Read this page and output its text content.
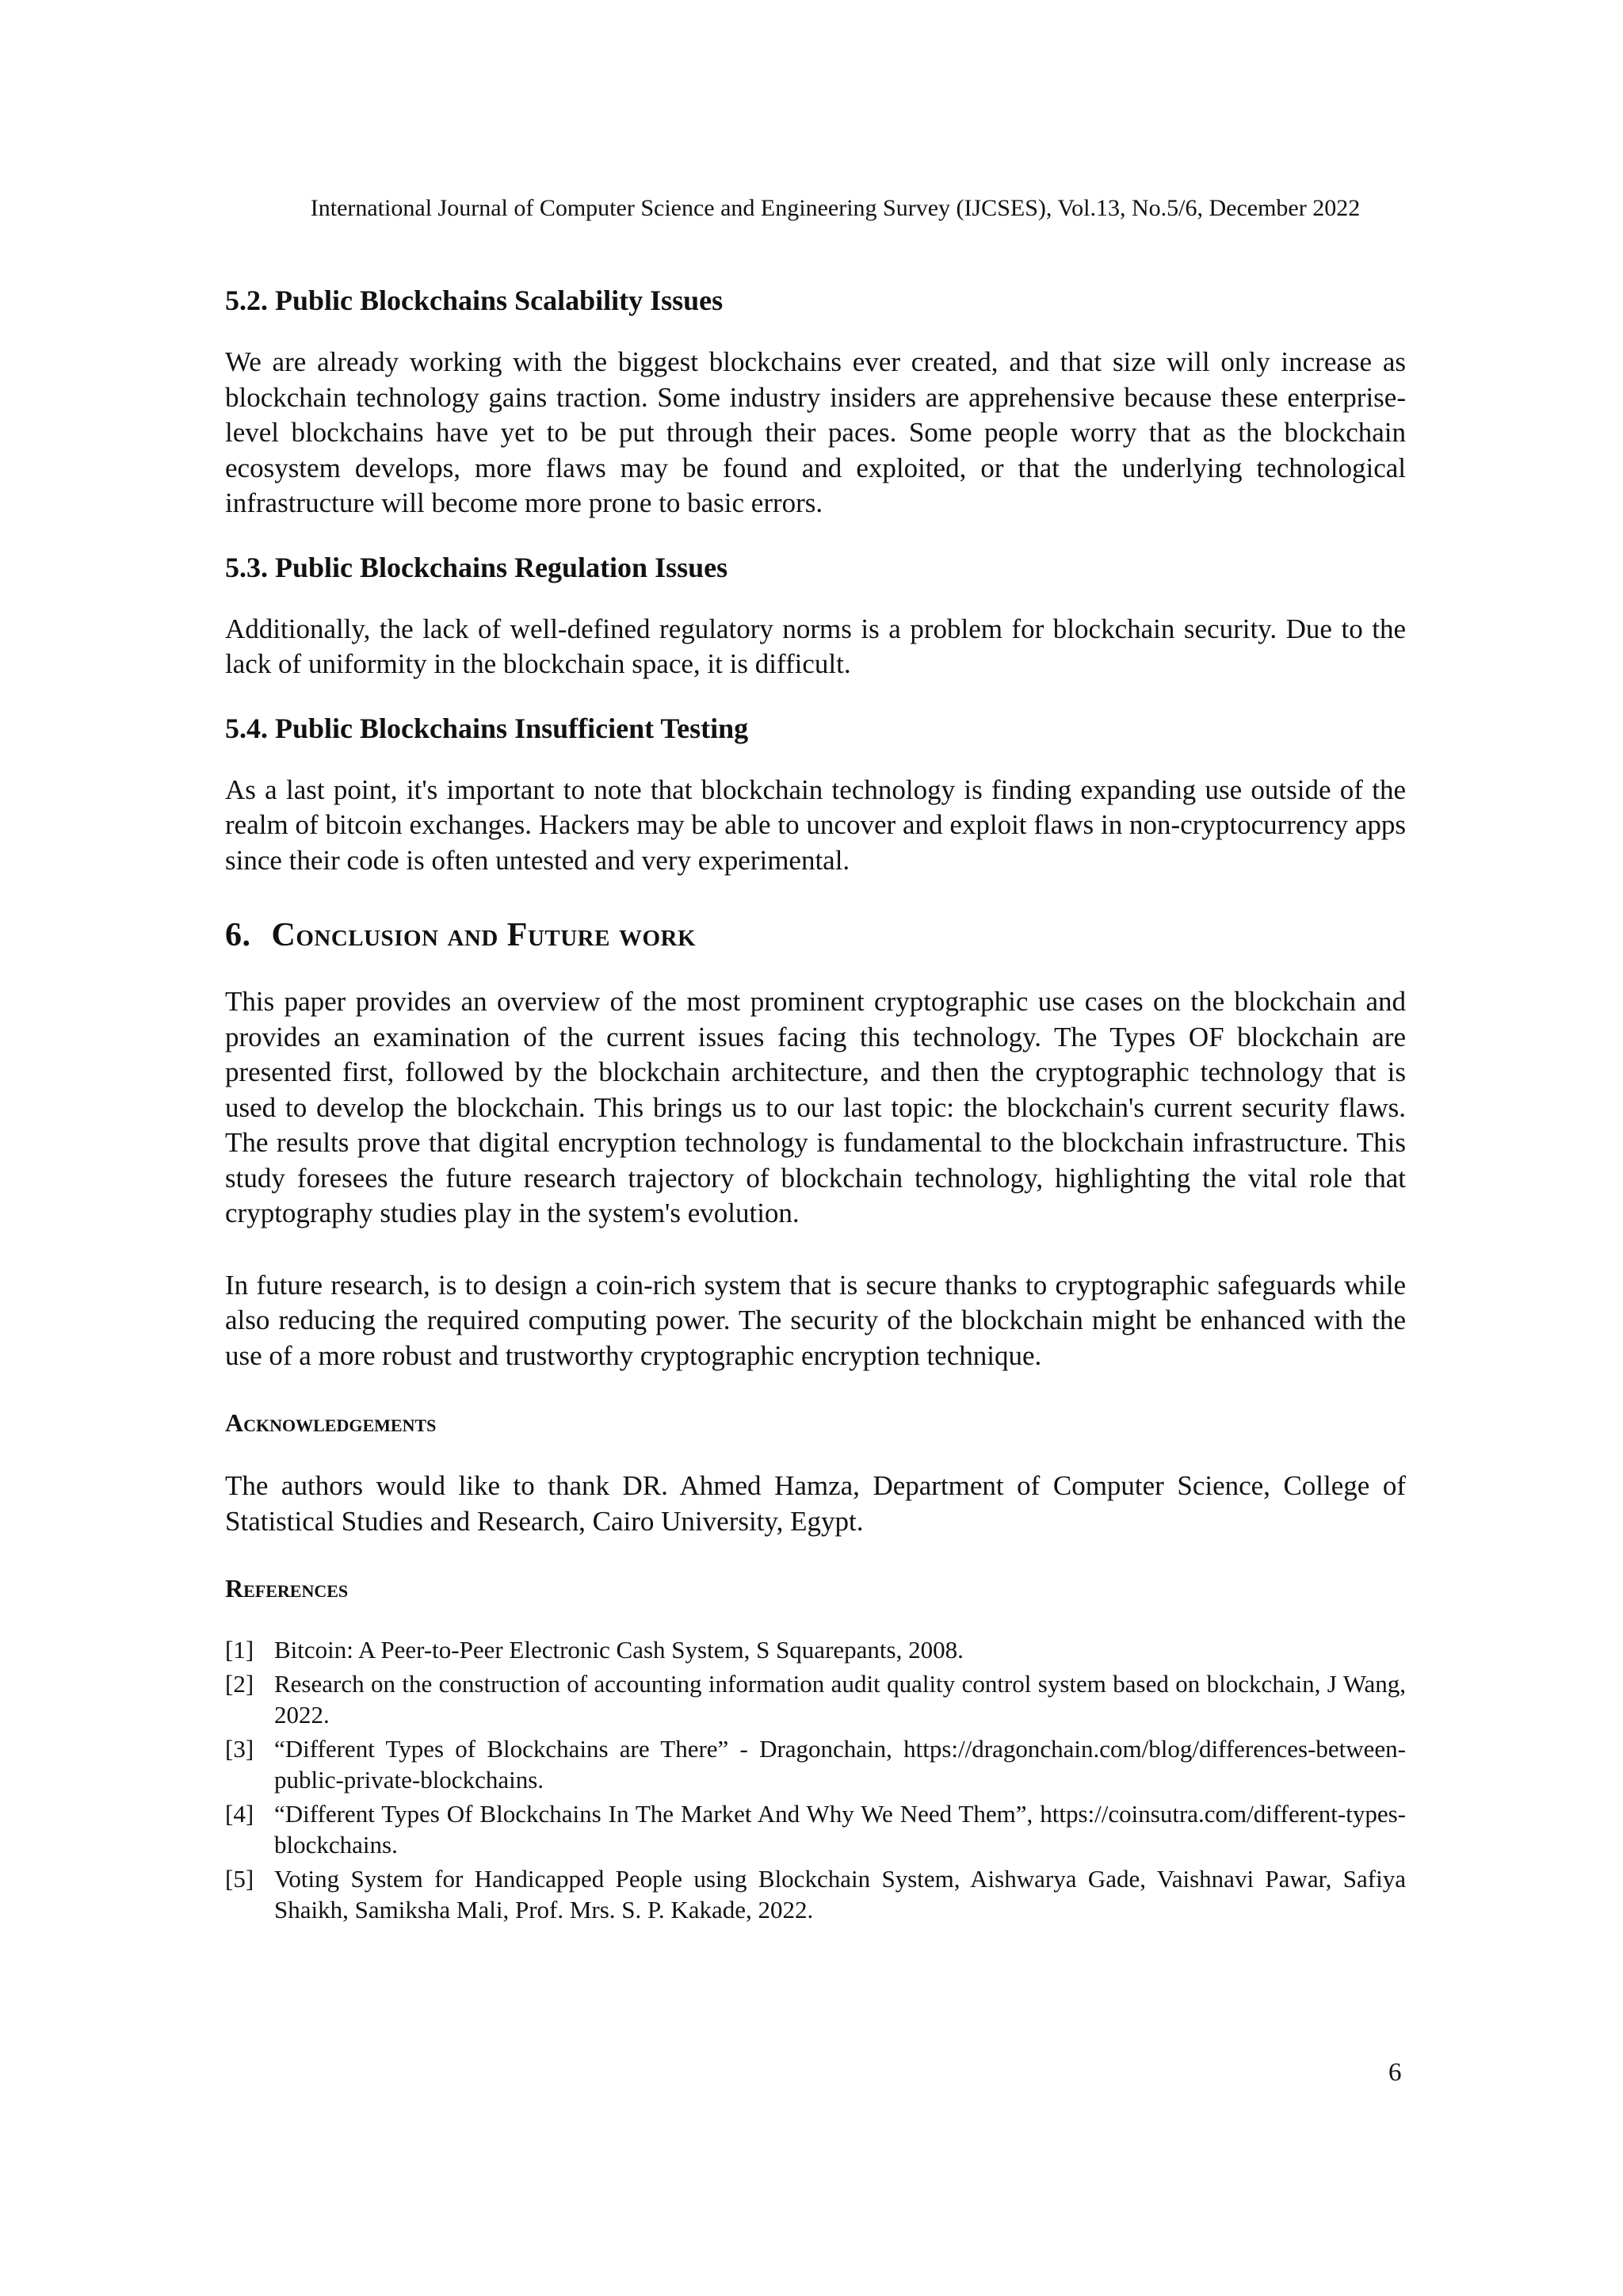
International Journal of Computer Science and Engineering Survey (IJCSES), Vol.13, No.5/6, December 2022
5.2. Public Blockchains Scalability Issues

We are already working with the biggest blockchains ever created, and that size will only increase as blockchain technology gains traction. Some industry insiders are apprehensive because these enterprise-level blockchains have yet to be put through their paces. Some people worry that as the blockchain ecosystem develops, more flaws may be found and exploited, or that the underlying technological infrastructure will become more prone to basic errors.

5.3. Public Blockchains Regulation Issues

Additionally, the lack of well-defined regulatory norms is a problem for blockchain security. Due to the lack of uniformity in the blockchain space, it is difficult.

5.4. Public Blockchains Insufficient Testing

As a last point, it's important to note that blockchain technology is finding expanding use outside of the realm of bitcoin exchanges. Hackers may be able to uncover and exploit flaws in non-cryptocurrency apps since their code is often untested and very experimental.

6. Conclusion and Future work

This paper provides an overview of the most prominent cryptographic use cases on the blockchain and provides an examination of the current issues facing this technology. The Types OF blockchain are presented first, followed by the blockchain architecture, and then the cryptographic technology that is used to develop the blockchain. This brings us to our last topic: the blockchain's current security flaws. The results prove that digital encryption technology is fundamental to the blockchain infrastructure. This study foresees the future research trajectory of blockchain technology, highlighting the vital role that cryptography studies play in the system's evolution.

In future research, is to design a coin-rich system that is secure thanks to cryptographic safeguards while also reducing the required computing power. The security of the blockchain might be enhanced with the use of a more robust and trustworthy cryptographic encryption technique.

Acknowledgements

The authors would like to thank DR. Ahmed Hamza, Department of Computer Science, College of Statistical Studies and Research, Cairo University, Egypt.

References
[1] Bitcoin: A Peer-to-Peer Electronic Cash System, S Squarepants, 2008.
[2] Research on the construction of accounting information audit quality control system based on blockchain, J Wang, 2022.
[3] “Different Types of Blockchains are There” - Dragonchain, https://dragonchain.com/blog/differences-between-public-private-blockchains.
[4] “Different Types Of Blockchains In The Market And Why We Need Them”, https://coinsutra.com/different-types-blockchains.
[5] Voting System for Handicapped People using Blockchain System, Aishwarya Gade, Vaishnavi Pawar, Safiya Shaikh, Samiksha Mali, Prof. Mrs. S. P. Kakade, 2022.
6
